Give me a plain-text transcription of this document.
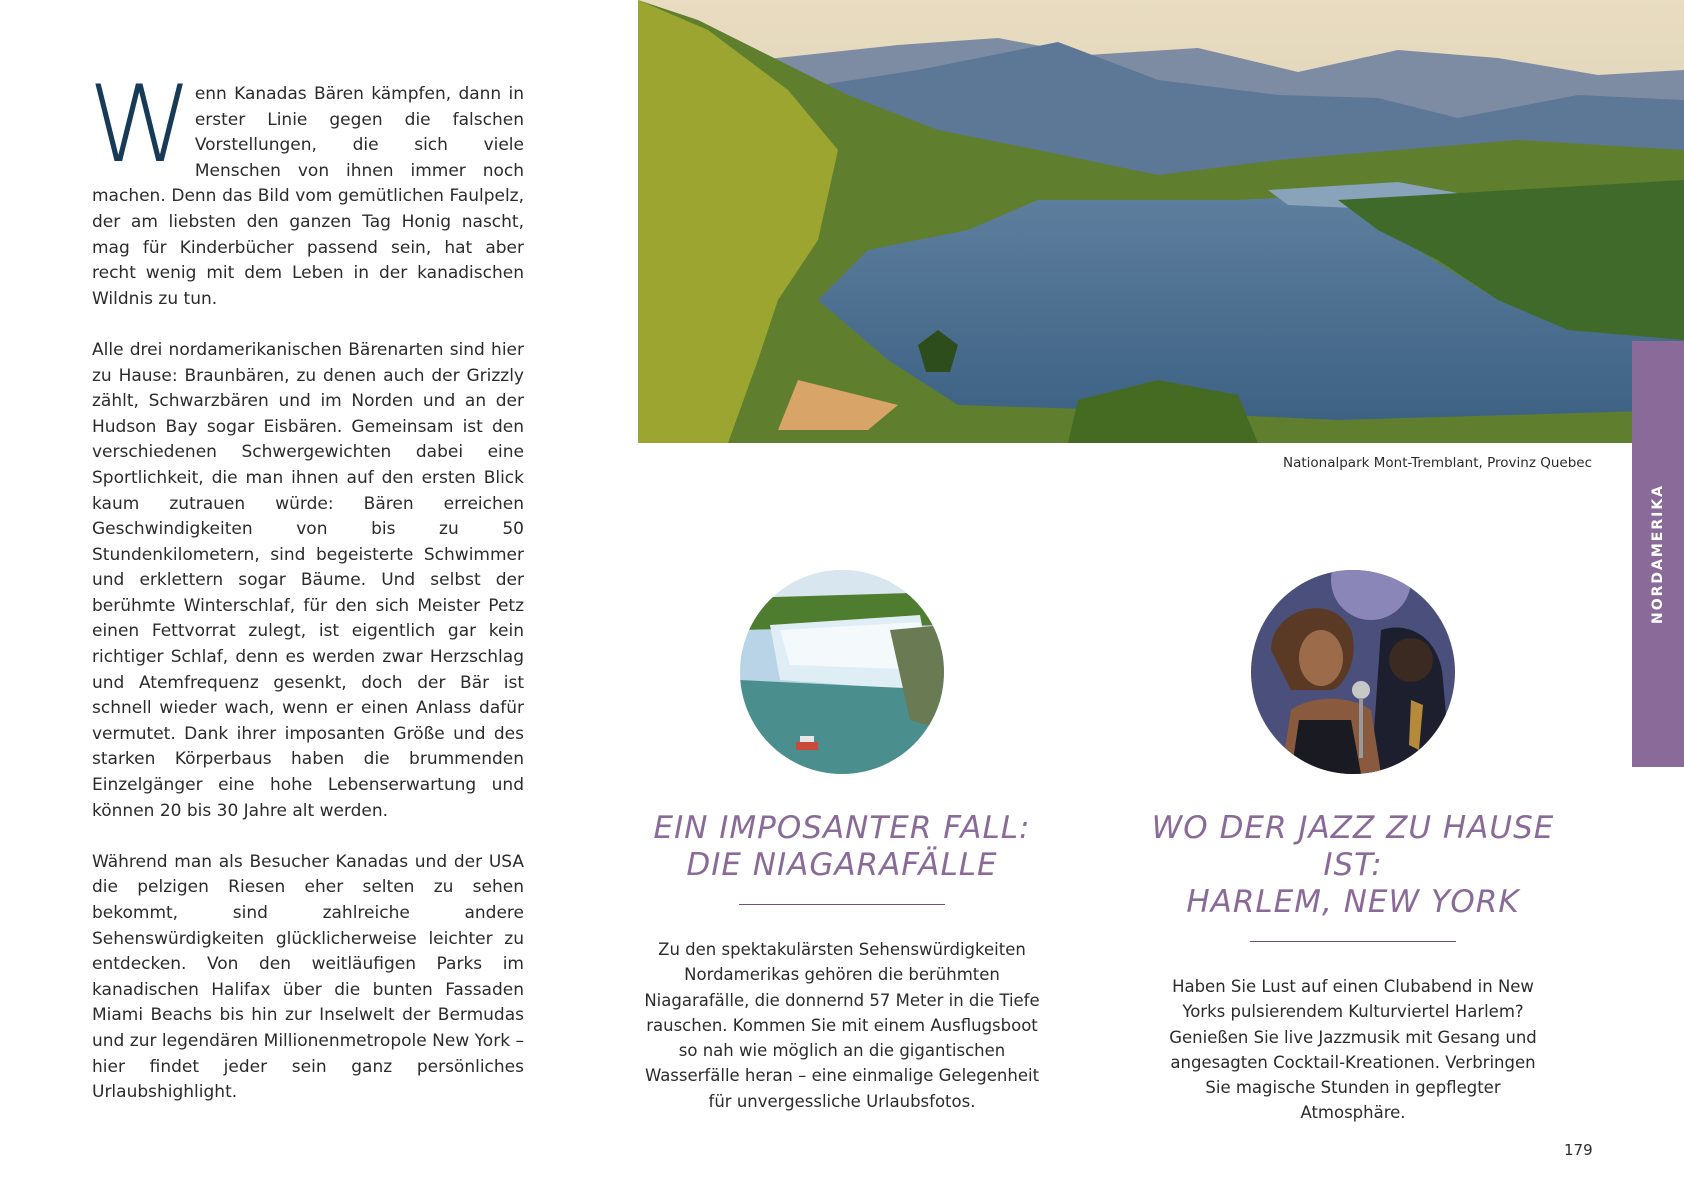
Wenn Kanadas Bären kämpfen, dann in erster Linie gegen die falschen Vorstellungen, die sich viele Menschen von ihnen immer noch machen. Denn das Bild vom gemütlichen Faulpelz, der am liebsten den ganzen Tag Honig nascht, mag für Kinderbücher passend sein, hat aber recht wenig mit dem Leben in der kanadischen Wildnis zu tun.

Alle drei nordamerikanischen Bärenarten sind hier zu Hause: Braunbären, zu denen auch der Grizzly zählt, Schwarzbären und im Norden und an der Hudson Bay sogar Eisbären. Gemeinsam ist den verschiedenen Schwergewichten dabei eine Sportlichkeit, die man ihnen auf den ersten Blick kaum zutrauen würde: Bären erreichen Geschwindigkeiten von bis zu 50 Stundenkilometern, sind begeisterte Schwimmer und erklettern sogar Bäume. Und selbst der berühmte Winterschlaf, für den sich Meister Petz einen Fettvorrat zulegt, ist eigentlich gar kein richtiger Schlaf, denn es werden zwar Herzschlag und Atemfrequenz gesenkt, doch der Bär ist schnell wieder wach, wenn er einen Anlass dafür vermutet. Dank ihrer imposanten Größe und des starken Körperbaus haben die brummenden Einzelgänger eine hohe Lebenserwartung und können 20 bis 30 Jahre alt werden.

Während man als Besucher Kanadas und der USA die pelzigen Riesen eher selten zu sehen bekommt, sind zahlreiche andere Sehenswürdigkeiten glücklicherweise leichter zu entdecken. Von den weitläufigen Parks im kanadischen Halifax über die bunten Fassaden Miami Beachs bis hin zur Inselwelt der Bermudas und zur legendären Millionenmetropole New York – hier findet jeder sein ganz persönliches Urlaubshighlight.

Nationalpark Mont-Tremblant, Provinz Quebec
NORDAMERIKA
EIN IMPOSANTER FALL:
DIE NIAGARAFÄLLE

Zu den spektakulärsten Sehenswürdigkeiten Nordamerikas gehören die berühmten Niagarafälle, die donnernd 57 Meter in die Tiefe rauschen. Kommen Sie mit einem Ausflugsboot so nah wie möglich an die gigantischen Wasserfälle heran – eine einmalige Gelegenheit für unvergessliche Urlaubsfotos.

WO DER JAZZ ZU HAUSE IST:
HARLEM, NEW YORK

Haben Sie Lust auf einen Clubabend in New Yorks pulsierendem Kulturviertel Harlem? Genießen Sie live Jazzmusik mit Gesang und angesagten Cocktail-Kreationen. Verbringen Sie magische Stunden in gepflegter Atmosphäre.

179
